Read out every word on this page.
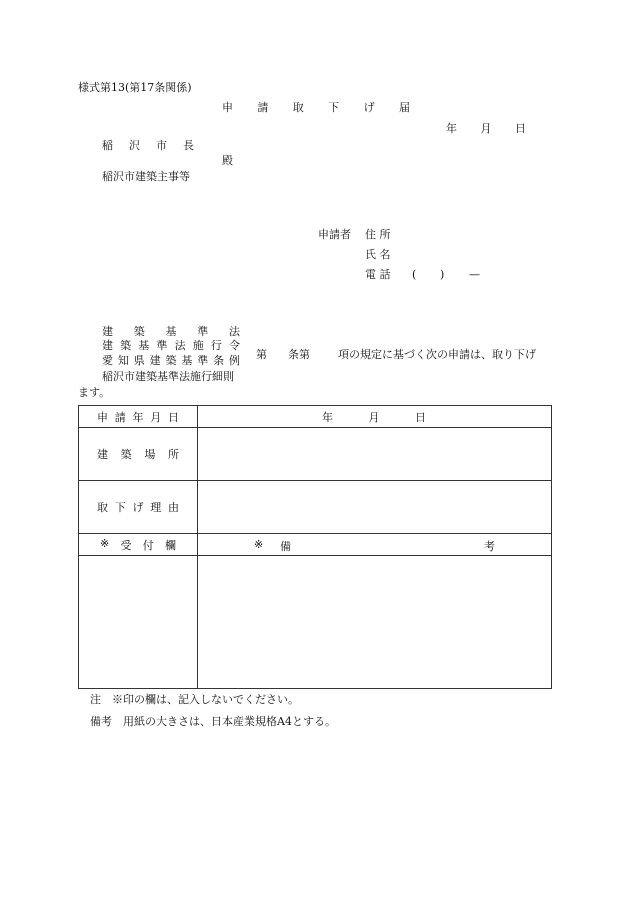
様式第13(第17条関係)
申 請 取 下 げ 届
年 月 日
稲 沢 市 長
殿
稲沢市建築主事等
申請者 住 所
氏 名
電 話 ( ) —
建 築 基 準 法
建 築 基 準 法 施 行 令
愛 知 県 建 築 基 準 条 例
稲沢市建築基準法施行細則
第 条第	項の規定に基づく次の申請は、取り下げ
ます。
申 請 年 月 日	年 月 日

建 築 場 所	

取 下 げ 理 由	

※ 受 付 欄	※ 備 考

注　※印の欄は、記入しないでください。
備考　用紙の大きさは、日本産業規格A4とする。
